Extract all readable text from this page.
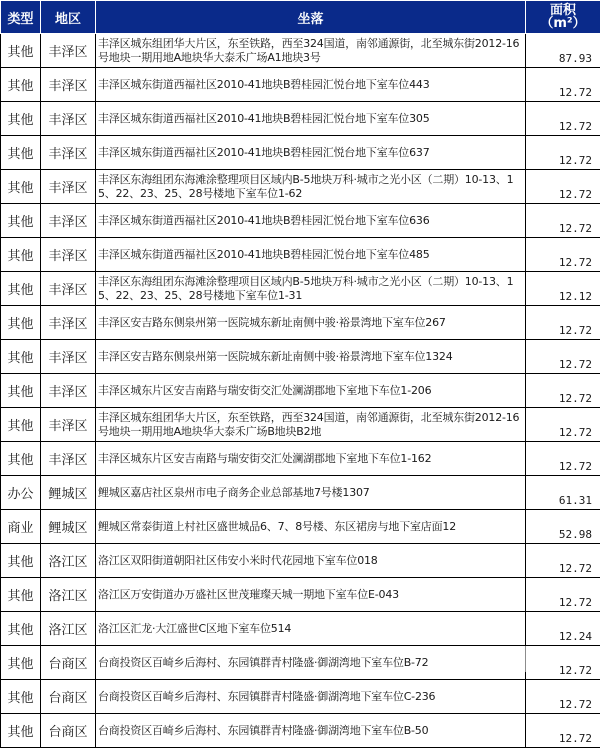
类型	地区	坐落	面积
（m²）

其他	丰泽区	丰泽区城东组团华大片区，东至铁路，西至324国道，南邻通源街，北至城东街2012-16号地块一期用地A地块华大泰禾广场A1地块3号	87.93
其他	丰泽区	丰泽区城东街道西福社区2010-41地块B碧桂园汇悦台地下室车位443	12.72
其他	丰泽区	丰泽区城东街道西福社区2010-41地块B碧桂园汇悦台地下室车位305	12.72
其他	丰泽区	丰泽区城东街道西福社区2010-41地块B碧桂园汇悦台地下室车位637	12.72
其他	丰泽区	丰泽区东海组团东海滩涂整理项目区域内B-5地块万科·城市之光小区（二期）10-13、15、22、23、25、28号楼地下室车位1-62	12.72
其他	丰泽区	丰泽区城东街道西福社区2010-41地块B碧桂园汇悦台地下室车位636	12.72
其他	丰泽区	丰泽区城东街道西福社区2010-41地块B碧桂园汇悦台地下室车位485	12.72
其他	丰泽区	丰泽区东海组团东海滩涂整理项目区域内B-5地块万科·城市之光小区（二期）10-13、15、22、23、25、28号楼地下室车位1-31	12.12
其他	丰泽区	丰泽区安吉路东侧泉州第一医院城东新址南侧中骏·裕景湾地下室车位267	12.72
其他	丰泽区	丰泽区安吉路东侧泉州第一医院城东新址南侧中骏·裕景湾地下室车位1324	12.72
其他	丰泽区	丰泽区城东片区安吉南路与瑞安街交汇处澜湖郡地下室地下车位1-206	12.72
其他	丰泽区	丰泽区城东组团华大片区，东至铁路，西至324国道，南邻通源街，北至城东街2012-16号地块一期用地A地块华大泰禾广场B地块B2地	12.72
其他	丰泽区	丰泽区城东片区安吉南路与瑞安街交汇处澜湖郡地下室地下车位1-162	12.72
办公	鲤城区	鲤城区嘉店社区泉州市电子商务企业总部基地7号楼1307	61.31
商业	鲤城区	鲤城区常泰街道上村社区盛世城品6、7、8号楼、东区裙房与地下室店面12	52.98
其他	洛江区	洛江区双阳街道朝阳社区伟安小米时代花园地下室车位018	12.72
其他	洛江区	洛江区万安街道办万盛社区世茂璀璨天城一期地下室车位E-043	12.72
其他	洛江区	洛江区汇龙·大江盛世C区地下室车位514	12.24
其他	台商区	台商投资区百崎乡后海村、东园镇群青村隆盛·御湖湾地下室车位B-72	12.72
其他	台商区	台商投资区百崎乡后海村、东园镇群青村隆盛·御湖湾地下室车位C-236	12.72
其他	台商区	台商投资区百崎乡后海村、东园镇群青村隆盛·御湖湾地下室车位B-50	12.72
